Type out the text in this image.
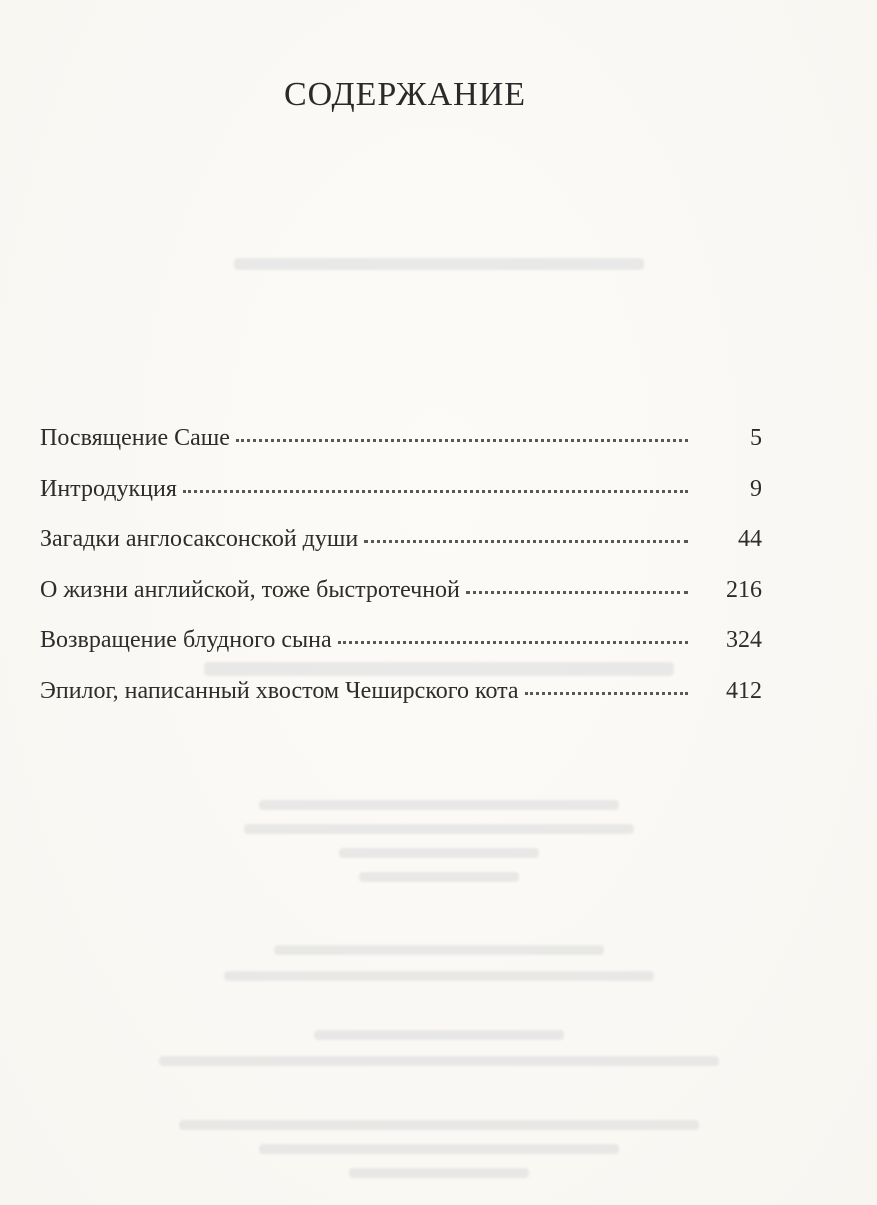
СОДЕРЖАНИЕ
Посвящение Саше	5
Интродукция	9
Загадки англосаксонской души	44
О жизни английской, тоже быстротечной	216
Возвращение блудного сына	324
Эпилог, написанный хвостом Чеширского кота	412
